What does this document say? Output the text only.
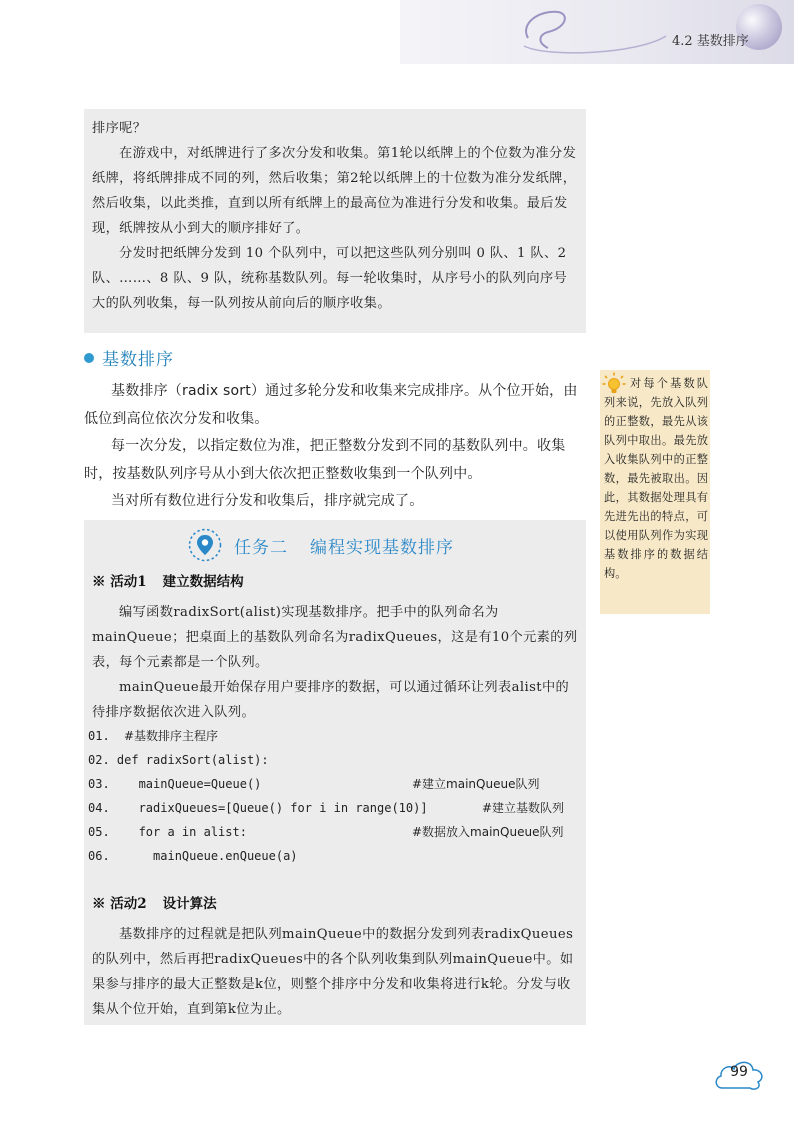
4.2 基数排序

排序呢？

在游戏中，对纸牌进行了多次分发和收集。第1轮以纸牌上的个位数为准分发纸牌，将纸牌排成不同的列，然后收集；第2轮以纸牌上的十位数为准分发纸牌，然后收集，以此类推，直到以所有纸牌上的最高位为准进行分发和收集。最后发现，纸牌按从小到大的顺序排好了。

分发时把纸牌分发到 10 个队列中，可以把这些队列分别叫 0 队、1 队、2 队、……、8 队、9 队，统称基数队列。每一轮收集时，从序号小的队列向序号大的队列收集，每一队列按从前向后的顺序收集。

基数排序

基数排序（radix sort）通过多轮分发和收集来完成排序。从个位开始，由低位到高位依次分发和收集。

每一次分发，以指定数位为准，把正整数分发到不同的基数队列中。收集时，按基数队列序号从小到大依次把正整数收集到一个队列中。

当对所有数位进行分发和收集后，排序就完成了。

对每个基数队列来说，先放入队列的正整数，最先从该队列中取出。最先放入收集队列中的正整数，最先被取出。因此，其数据处理具有先进先出的特点，可以使用队列作为实现基数排序的数据结构。
任务二 编程实现基数排序
※ 活动1 建立数据结构

编写函数radixSort(alist)实现基数排序。把手中的队列命名为mainQueue；把桌面上的基数队列命名为radixQueues，这是有10个元素的列表，每个元素都是一个队列。

mainQueue最开始保存用户要排序的数据，可以通过循环让列表alist中的待排序数据依次进入队列。

01. #基数排序主程序
02. def radixSort(alist):
03.    mainQueue=Queue()	#建立mainQueue队列
04.    radixQueues=[Queue() for i in range(10)]	#建立基数队列
05.    for a in alist:	#数据放入mainQueue队列
06.      mainQueue.enQueue(a)
※ 活动2 设计算法

基数排序的过程就是把队列mainQueue中的数据分发到列表radixQueues的队列中，然后再把radixQueues中的各个队列收集到队列mainQueue中。如果参与排序的最大正整数是k位，则整个排序中分发和收集将进行k轮。分发与收集从个位开始，直到第k位为止。

99
